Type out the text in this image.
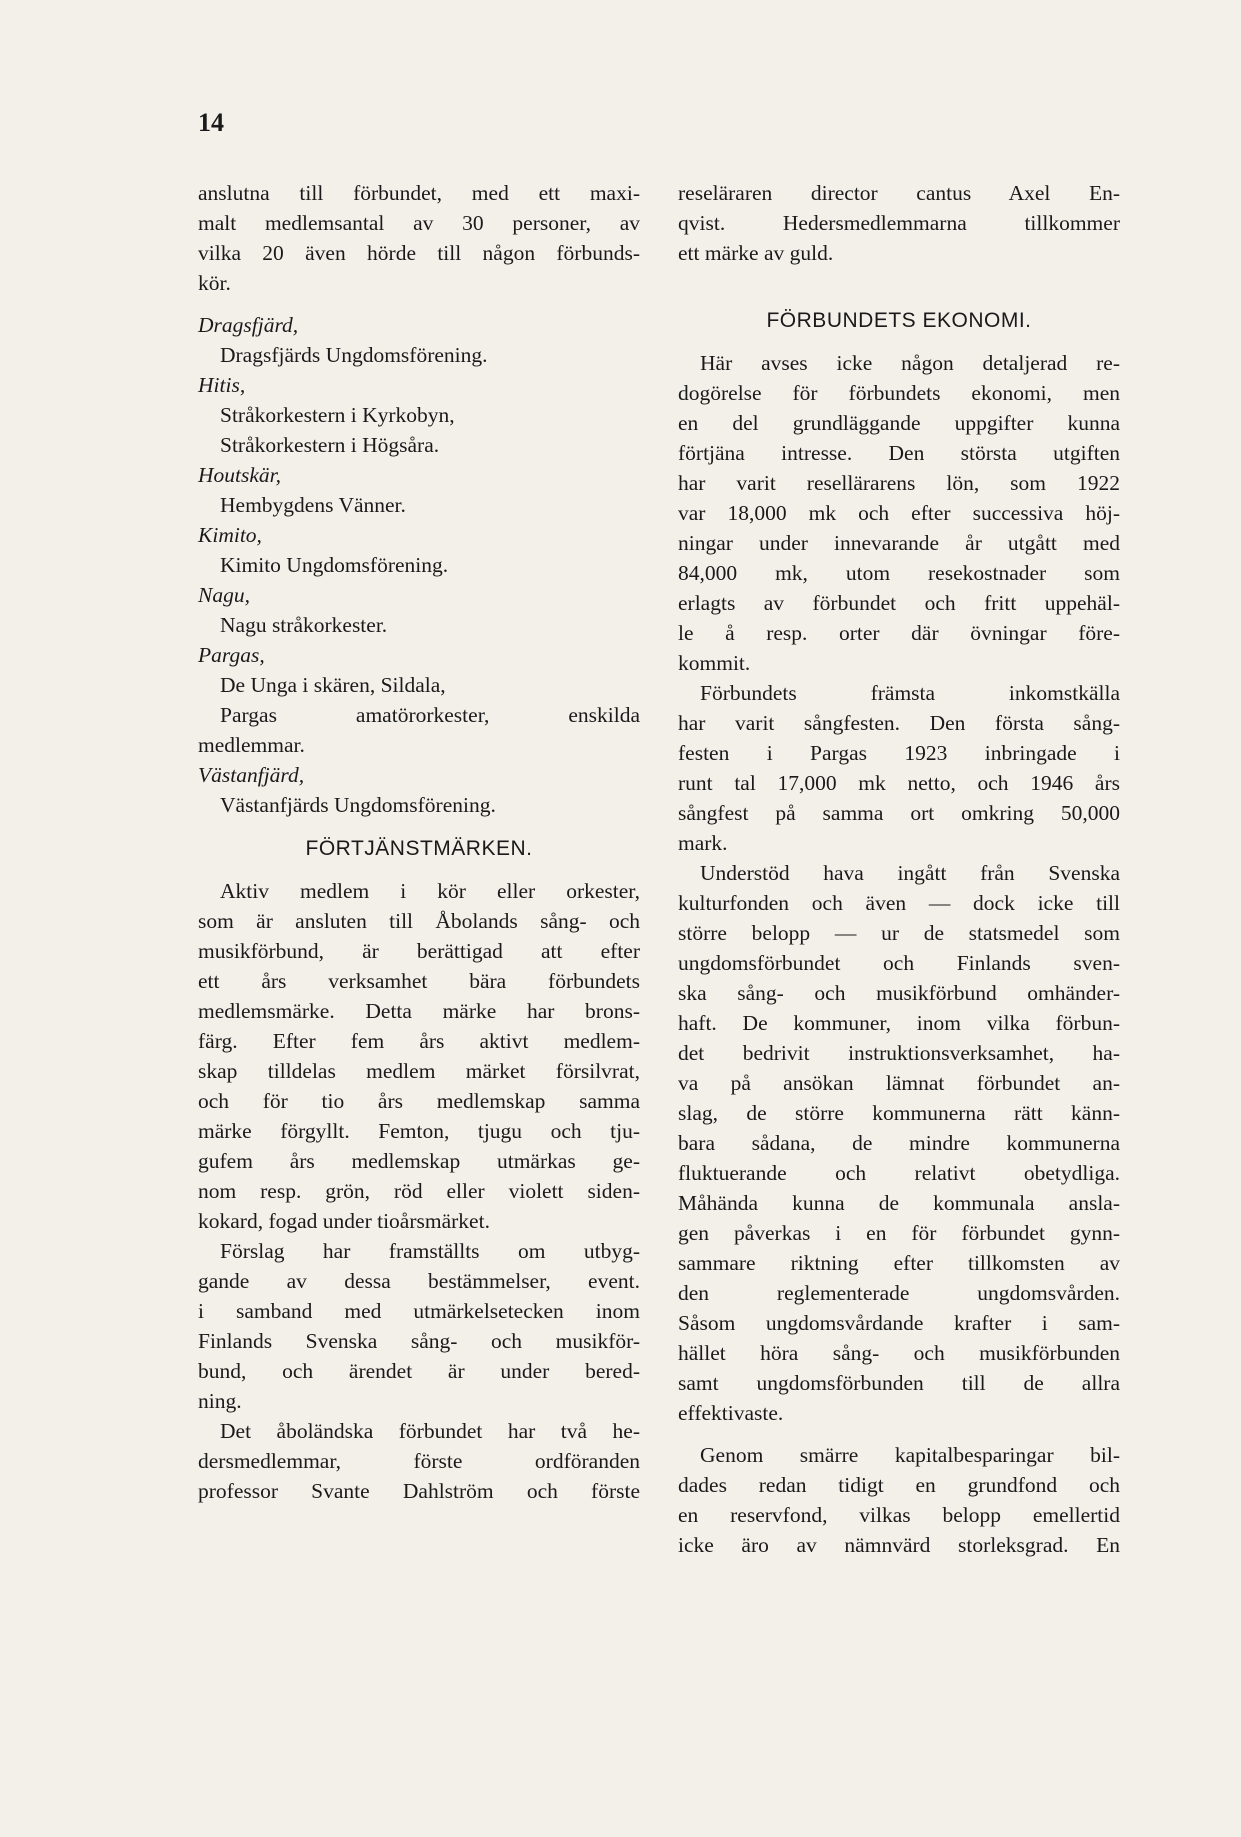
14
anslutna till förbundet, med ett maxi-
malt medlemsantal av 30 personer, av
vilka 20 även hörde till någon förbunds-
kör.
Dragsfjärd,
Dragsfjärds Ungdomsförening.
Hitis,
Stråkorkestern i Kyrkobyn,
Stråkorkestern i Högsåra.
Houtskär,
Hembygdens Vänner.
Kimito,
Kimito Ungdomsförening.
Nagu,
Nagu stråkorkester.
Pargas,
De Unga i skären, Sildala,
Pargas amatörorkester, enskilda
medlemmar.
Västanfjärd,
Västanfjärds Ungdomsförening.
FÖRTJÄNSTMÄRKEN.
Aktiv medlem i kör eller orkester,
som är ansluten till Åbolands sång- och
musikförbund, är berättigad att efter
ett års verksamhet bära förbundets
medlemsmärke. Detta märke har brons-
färg. Efter fem års aktivt medlem-
skap tilldelas medlem märket försilvrat,
och för tio års medlemskap samma
märke förgyllt. Femton, tjugu och tju-
gufem års medlemskap utmärkas ge-
nom resp. grön, röd eller violett siden-
kokard, fogad under tioårsmärket.
Förslag har framställts om utbyg-
gande av dessa bestämmelser, event.
i samband med utmärkelsetecken inom
Finlands Svenska sång- och musikför-
bund, och ärendet är under bered-
ning.
Det åboländska förbundet har två he-
dersmedlemmar, förste ordföranden
professor Svante Dahlström och förste
reseläraren director cantus Axel En-
qvist. Hedersmedlemmarna tillkommer
ett märke av guld.
FÖRBUNDETS EKONOMI.
Här avses icke någon detaljerad re-
dogörelse för förbundets ekonomi, men
en del grundläggande uppgifter kunna
förtjäna intresse. Den största utgiften
har varit resellärarens lön, som 1922
var 18,000 mk och efter successiva höj-
ningar under innevarande år utgått med
84,000 mk, utom resekostnader som
erlagts av förbundet och fritt uppehäl-
le å resp. orter där övningar före-
kommit.
Förbundets främsta inkomstkälla
har varit sångfesten. Den första sång-
festen i Pargas 1923 inbringade i
runt tal 17,000 mk netto, och 1946 års
sångfest på samma ort omkring 50,000
mark.
Understöd hava ingått från Svenska
kulturfonden och även — dock icke till
större belopp — ur de statsmedel som
ungdomsförbundet och Finlands sven-
ska sång- och musikförbund omhänder-
haft. De kommuner, inom vilka förbun-
det bedrivit instruktionsverksamhet, ha-
va på ansökan lämnat förbundet an-
slag, de större kommunerna rätt känn-
bara sådana, de mindre kommunerna
fluktuerande och relativt obetydliga.
Måhända kunna de kommunala ansla-
gen påverkas i en för förbundet gynn-
sammare riktning efter tillkomsten av
den reglementerade ungdomsvården.
Såsom ungdomsvårdande krafter i sam-
hället höra sång- och musikförbunden
samt ungdomsförbunden till de allra
effektivaste.
Genom smärre kapitalbesparingar bil-
dades redan tidigt en grundfond och
en reservfond, vilkas belopp emellertid
icke äro av nämnvärd storleksgrad. En
